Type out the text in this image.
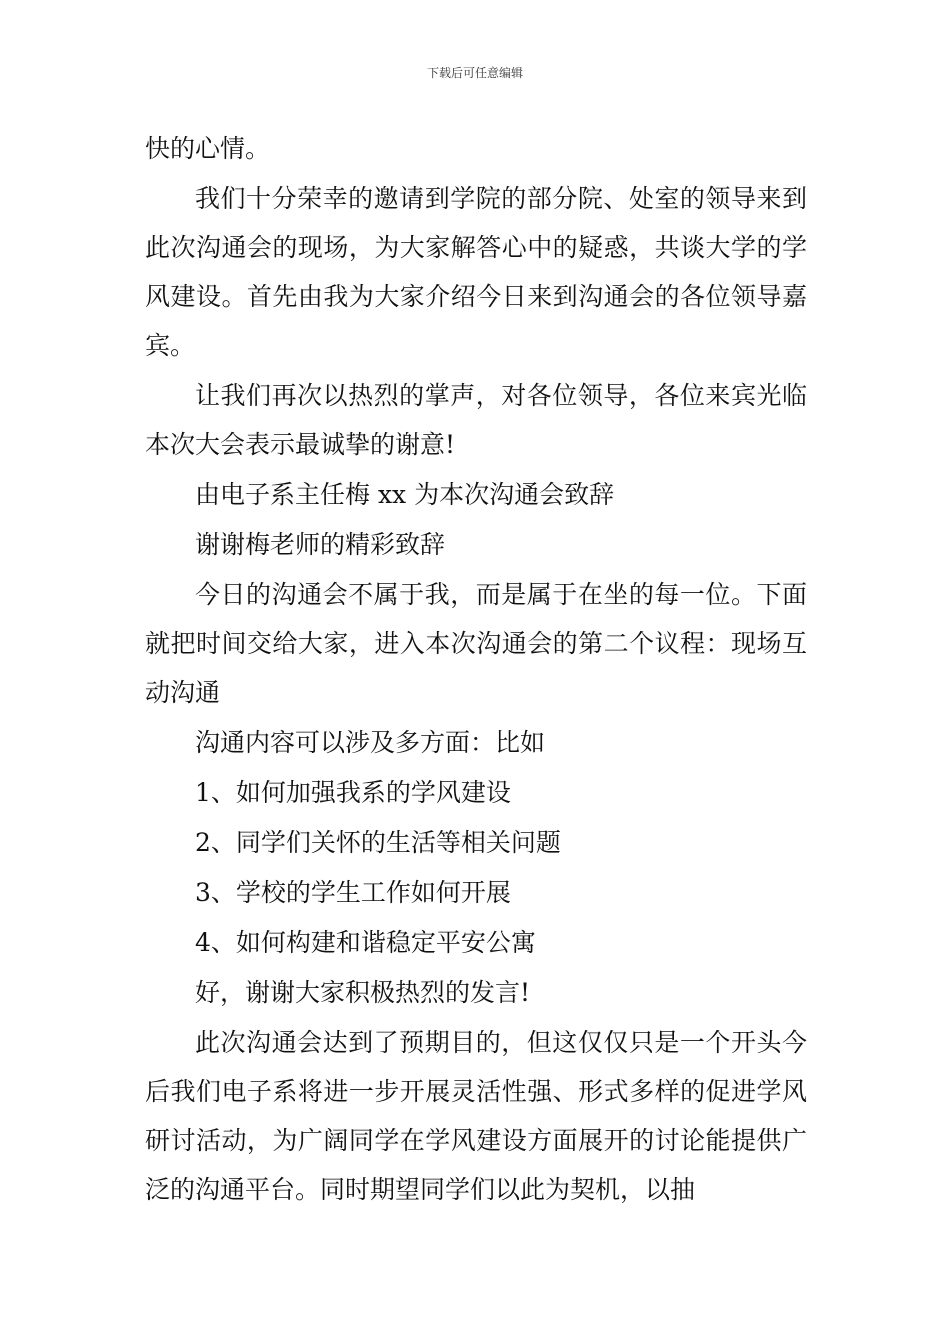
下载后可任意编辑

快的心情。

我们十分荣幸的邀请到学院的部分院、处室的领导来到此次沟通会的现场，为大家解答心中的疑惑，共谈大学的学风建设。首先由我为大家介绍今日来到沟通会的各位领导嘉宾。

让我们再次以热烈的掌声，对各位领导，各位来宾光临本次大会表示最诚挚的谢意!

由电子系主任梅 xx 为本次沟通会致辞

谢谢梅老师的精彩致辞

今日的沟通会不属于我，而是属于在坐的每一位。下面就把时间交给大家，进入本次沟通会的第二个议程：现场互动沟通

沟通内容可以涉及多方面：比如

1、如何加强我系的学风建设

2、同学们关怀的生活等相关问题

3、学校的学生工作如何开展

4、如何构建和谐稳定平安公寓

好，谢谢大家积极热烈的发言!

此次沟通会达到了预期目的，但这仅仅只是一个开头今后我们电子系将进一步开展灵活性强、形式多样的促进学风研讨活动，为广阔同学在学风建设方面展开的讨论能提供广泛的沟通平台。同时期望同学们以此为契机，以抽
